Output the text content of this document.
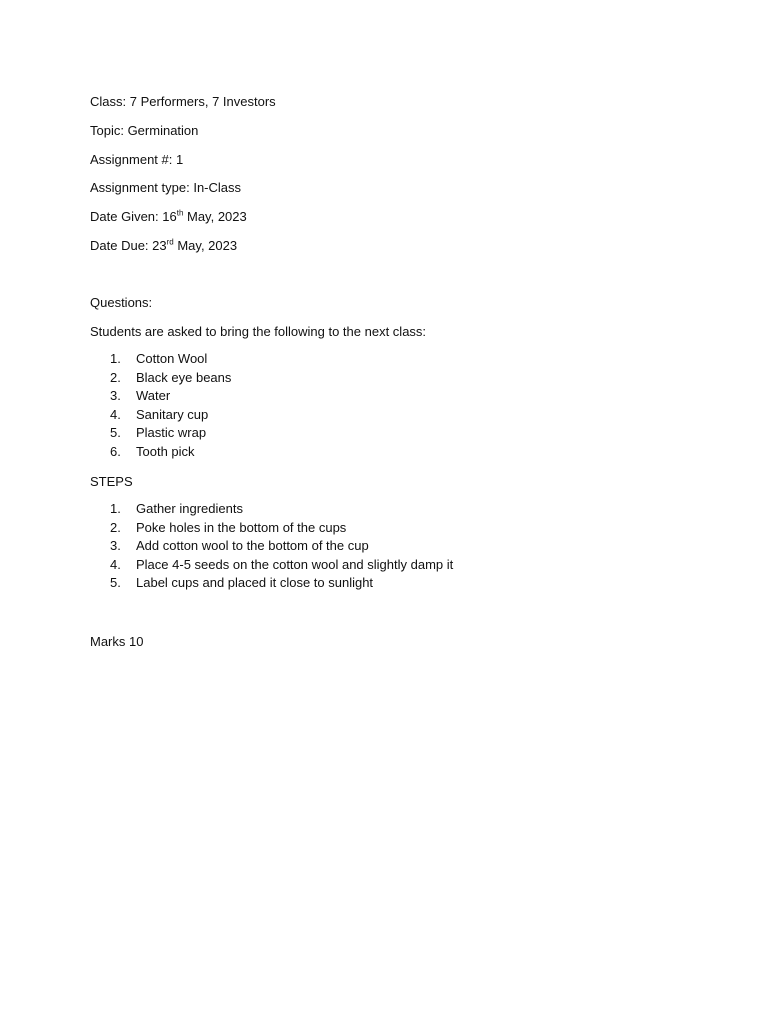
Class: 7 Performers, 7 Investors
Topic: Germination
Assignment #: 1
Assignment type: In-Class
Date Given: 16th May, 2023
Date Due: 23rd May, 2023
Questions:
Students are asked to bring the following to the next class:
1. Cotton Wool
2. Black eye beans
3. Water
4. Sanitary cup
5. Plastic wrap
6. Tooth pick
STEPS
1. Gather ingredients
2. Poke holes in the bottom of the cups
3. Add cotton wool to the bottom of the cup
4. Place 4-5 seeds on the cotton wool and slightly damp it
5. Label cups and placed it close to sunlight
Marks 10
